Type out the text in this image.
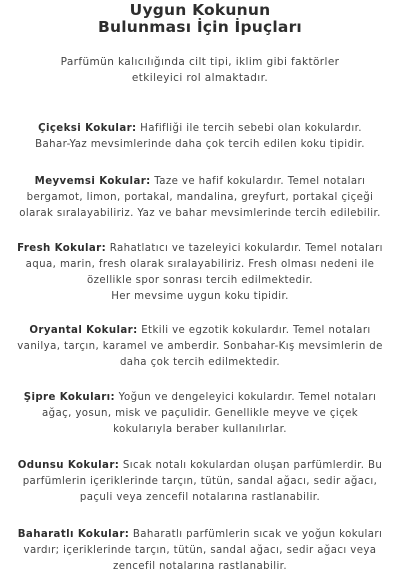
Uygun Kokunun
Bulunması İçin İpuçları
Parfümün kalıcılığında cilt tipi, iklim gibi faktörler
etkileyici rol almaktadır.
Çiçeksi Kokular: Hafifliği ile tercih sebebi olan kokulardır.
Bahar-Yaz mevsimlerinde daha çok tercih edilen koku tipidir.
Meyvemsi Kokular: Taze ve hafif kokulardır. Temel notaları
bergamot, limon, portakal, mandalina, greyfurt, portakal çiçeği
olarak sıralayabiliriz. Yaz ve bahar mevsimlerinde tercih edilebilir.
Fresh Kokular: Rahatlatıcı ve tazeleyici kokulardır. Temel notaları
aqua, marin, fresh olarak sıralayabiliriz. Fresh olması nedeni ile
özellikle spor sonrası tercih edilmektedir.
Her mevsime uygun koku tipidir.
Oryantal Kokular: Etkili ve egzotik kokulardır. Temel notaları
vanilya, tarçın, karamel ve amberdir. Sonbahar-Kış mevsimlerin de
daha çok tercih edilmektedir.
Şipre Kokuları: Yoğun ve dengeleyici kokulardır. Temel notaları
ağaç, yosun, misk ve paçulidir. Genellikle meyve ve çiçek
kokularıyla beraber kullanılırlar.
Odunsu Kokular: Sıcak notalı kokulardan oluşan parfümlerdir. Bu
parfümlerin içeriklerinde tarçın, tütün, sandal ağacı, sedir ağacı,
paçuli veya zencefil notalarına rastlanabilir.
Baharatlı Kokular: Baharatlı parfümlerin sıcak ve yoğun kokuları
vardır; içeriklerinde tarçın, tütün, sandal ağacı, sedir ağacı veya
zencefil notalarına rastlanabilir.
